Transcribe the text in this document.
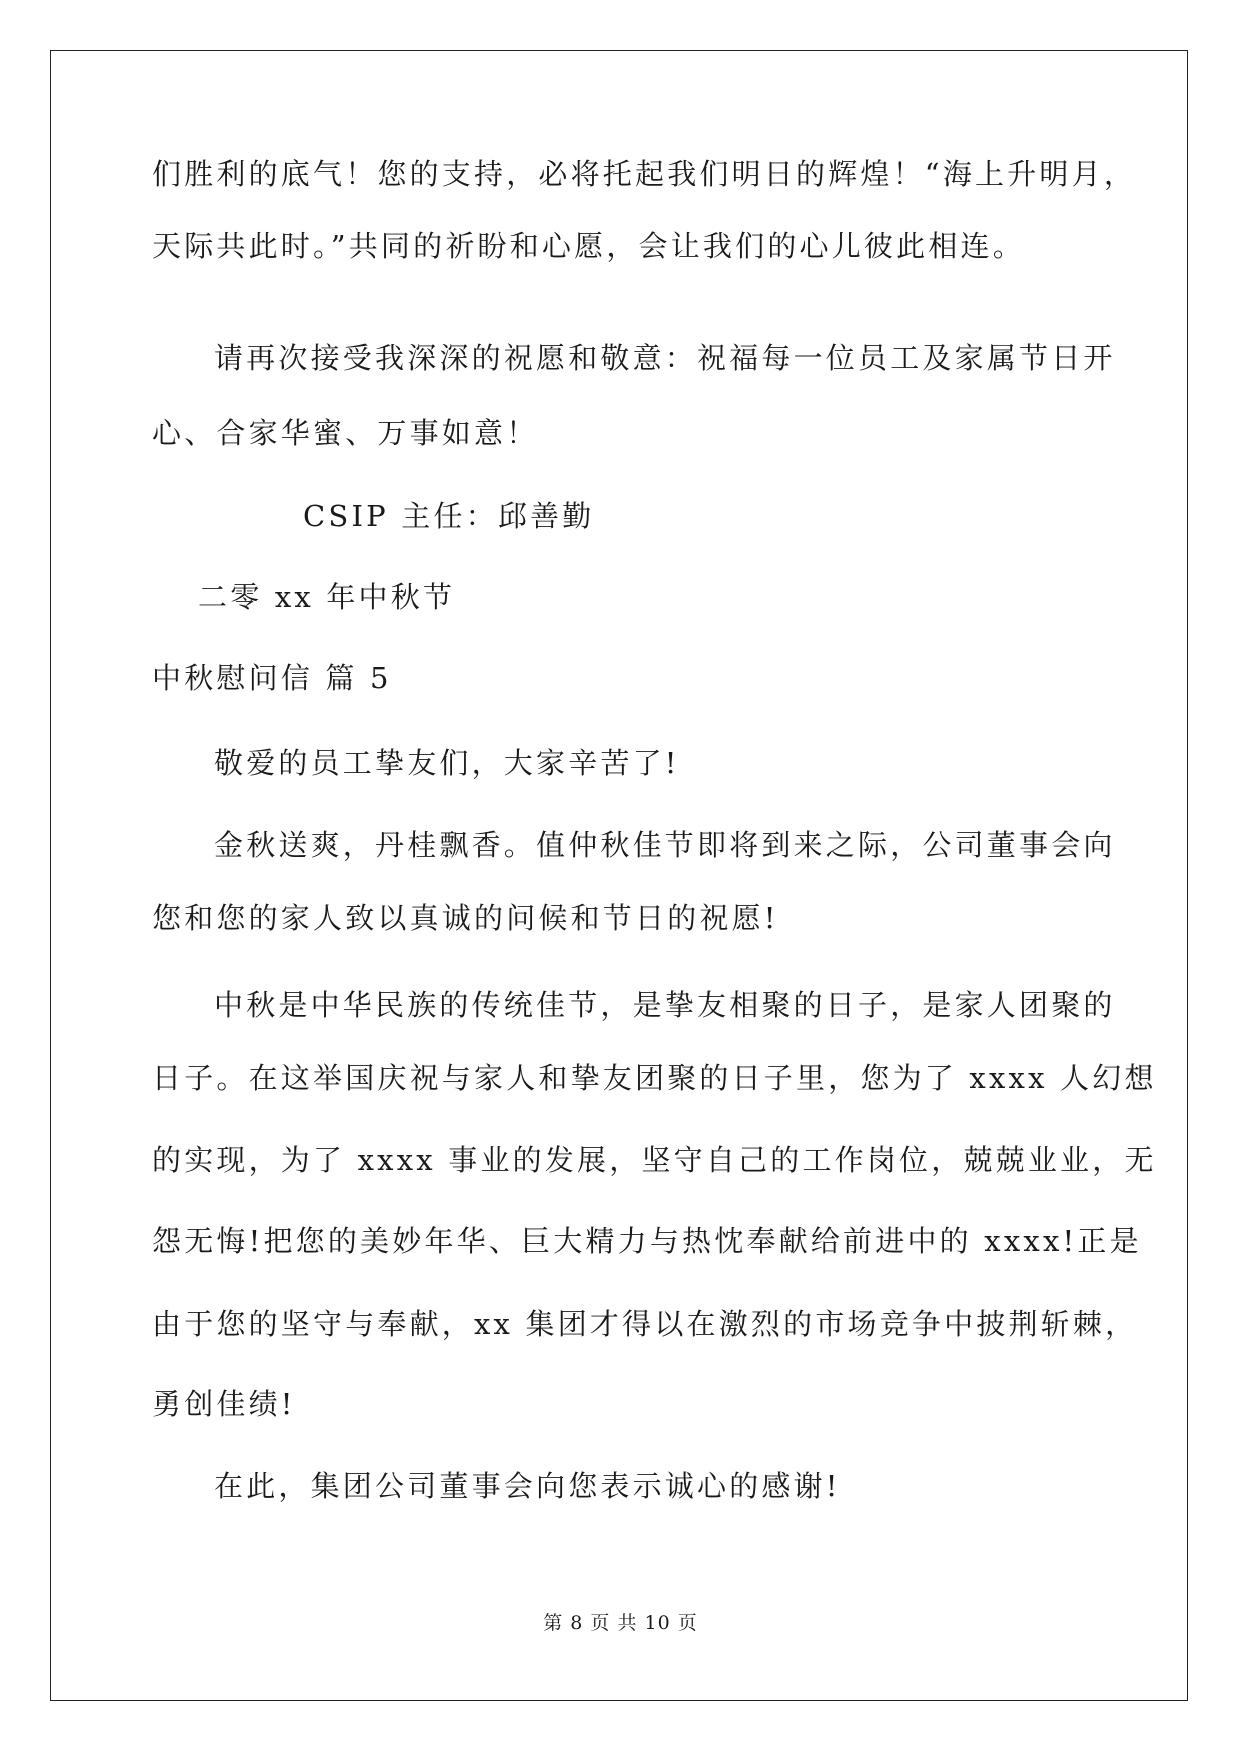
们胜利的底气！您的支持，必将托起我们明日的辉煌！“海上升明月，
天际共此时。”共同的祈盼和心愿，会让我们的心儿彼此相连。
请再次接受我深深的祝愿和敬意：祝福每一位员工及家属节日开
心、合家华蜜、万事如意！
CSIP 主任：邱善勤
二零 xx 年中秋节
中秋慰问信 篇 5
敬爱的员工挚友们，大家辛苦了!
金秋送爽，丹桂飘香。值仲秋佳节即将到来之际，公司董事会向
您和您的家人致以真诚的问候和节日的祝愿!
中秋是中华民族的传统佳节，是挚友相聚的日子，是家人团聚的
日子。在这举国庆祝与家人和挚友团聚的日子里，您为了 xxxx 人幻想
的实现，为了 xxxx 事业的发展，坚守自己的工作岗位，兢兢业业，无
怨无悔!把您的美妙年华、巨大精力与热忱奉献给前进中的 xxxx!正是
由于您的坚守与奉献，xx 集团才得以在激烈的市场竞争中披荆斩棘，
勇创佳绩!
在此，集团公司董事会向您表示诚心的感谢!
第 8 页 共 10 页
